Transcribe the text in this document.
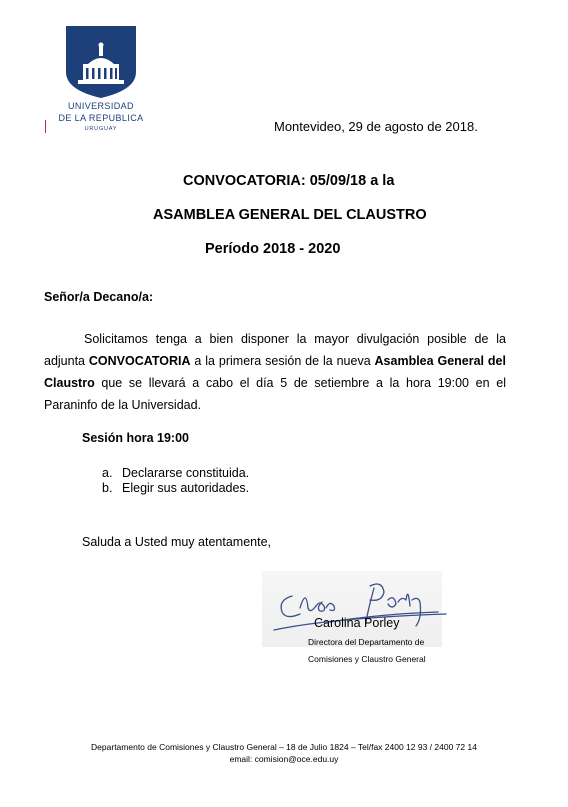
UNIVERSIDAD
DE LA REPUBLICA
URUGUAY	Montevideo, 29 de agosto de 2018.
CONVOCATORIA: 05/09/18 a la
ASAMBLEA GENERAL DEL CLAUSTRO
Período 2018 - 2020
Señor/a Decano/a:
Solicitamos tenga a bien disponer la mayor divulgación posible de la adjunta CONVOCATORIA a la primera sesión de la nueva Asamblea General del Claustro que se llevará a cabo el día 5 de setiembre a la hora 19:00 en el Paraninfo de la Universidad.
Sesión hora 19:00
a. Declararse constituida.
b. Elegir sus autoridades.
Saluda a Usted muy atentamente,
Carolina Porley
Directora del Departamento de
Comisiones y Claustro General
Departamento de Comisiones y Claustro General – 18 de Julio 1824 – Tel/fax 2400 12 93 / 2400 72 14
email: comision@oce.edu.uy
